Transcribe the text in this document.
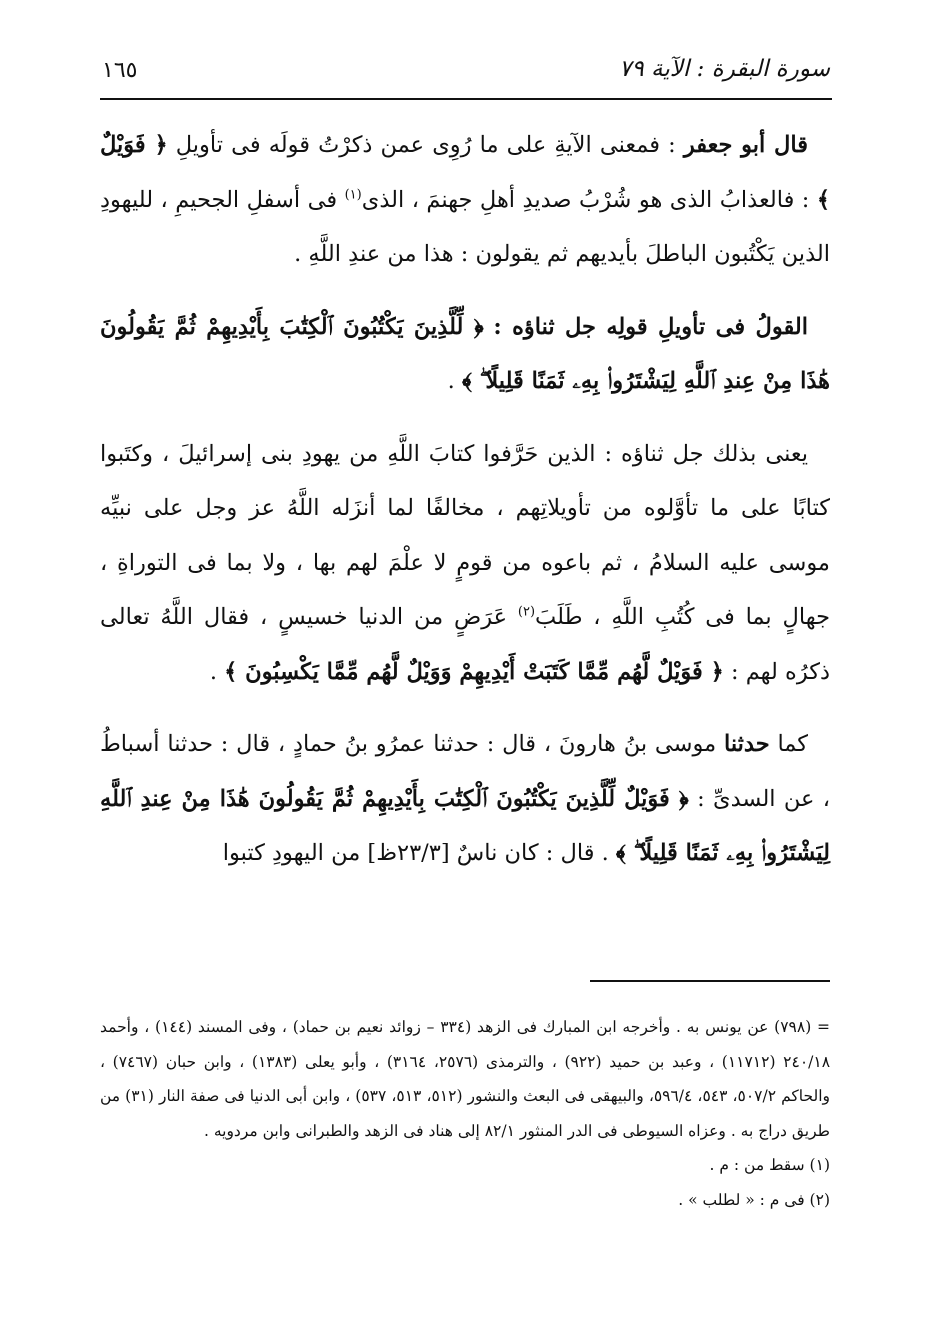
سورة البقرة : الآية ٧٩
١٦٥

قال أبو جعفر : فمعنى الآيةِ على ما رُوِى عمن ذكرْتُ قولَه فى تأويلِ ﴿ فَوَيْلٌ ﴾ : فالعذابُ الذى هو شُرْبُ صديدِ أهلِ جهنمَ ، الذى$^{(١)}$ فى أسفلِ الجحيمِ ، لليهودِ الذين يَكْتُبون الباطلَ بأيديهم ثم يقولون : هذا من عندِ اللَّهِ .

القولُ فى تأويلِ قولِه جل ثناؤه : ﴿ لِّلَّذِينَ يَكْتُبُونَ ٱلْكِتَٰبَ بِأَيْدِيهِمْ ثُمَّ يَقُولُونَ هَٰذَا مِنْ عِندِ ٱللَّهِ لِيَشْتَرُوا۟ بِهِۦ ثَمَنًا قَلِيلًا ۖ ﴾ .

يعنى بذلك جل ثناؤه : الذين حَرَّفوا كتابَ اللَّهِ من يهودِ بنى إسرائيلَ ، وكتَبوا كتابًا على ما تأوَّلوه من تأويلاتِهم ، مخالفًا لما أنزَله اللَّهُ عز وجل على نبيِّه موسى عليه السلامُ ، ثم باعوه من قومٍ لا علْمَ لهم بها ، ولا بما فى التوراةِ ، جهالٍ بما فى كُتُبِ اللَّهِ ، طَلَبَ$^{(٢)}$ عَرَضٍ من الدنيا خسيسٍ ، فقال اللَّهُ تعالى ذكرُه لهم : ﴿ فَوَيْلٌ لَّهُم مِّمَّا كَتَبَتْ أَيْدِيهِمْ وَوَيْلٌ لَّهُم مِّمَّا يَكْسِبُونَ ﴾ .

كما حدثنا موسى بنُ هارونَ ، قال : حدثنا عمرُو بنُ حمادٍ ، قال : حدثنا أسباطُ ، عن السدىِّ : ﴿ فَوَيْلٌ لِّلَّذِينَ يَكْتُبُونَ ٱلْكِتَٰبَ بِأَيْدِيهِمْ ثُمَّ يَقُولُونَ هَٰذَا مِنْ عِندِ ٱللَّهِ لِيَشْتَرُوا۟ بِهِۦ ثَمَنًا قَلِيلًا ۖ ﴾ . قال : كان ناسٌ [٢٣/٣ظ] من اليهودِ كتبوا

= (٧٩٨) عن يونس به . وأخرجه ابن المبارك فى الزهد (٣٣٤ – زوائد نعيم بن حماد) ، وفى المسند (١٤٤) ، وأحمد ٢٤٠/١٨ (١١٧١٢) ، وعبد بن حميد (٩٢٢) ، والترمذى (٢٥٧٦، ٣١٦٤) ، وأبو يعلى (١٣٨٣) ، وابن حبان (٧٤٦٧) ، والحاكم ٥٠٧/٢، ٥٤٣، ٥٩٦/٤، والبيهقى فى البعث والنشور (٥١٢، ٥١٣، ٥٣٧) ، وابن أبى الدنيا فى صفة النار (٣١) من طريق دراج به . وعزاه السيوطى فى الدر المنثور ٨٢/١ إلى هناد فى الزهد والطبرانى وابن مردويه .

(١) سقط من : م .

(٢) فى م : « لطلب » .
